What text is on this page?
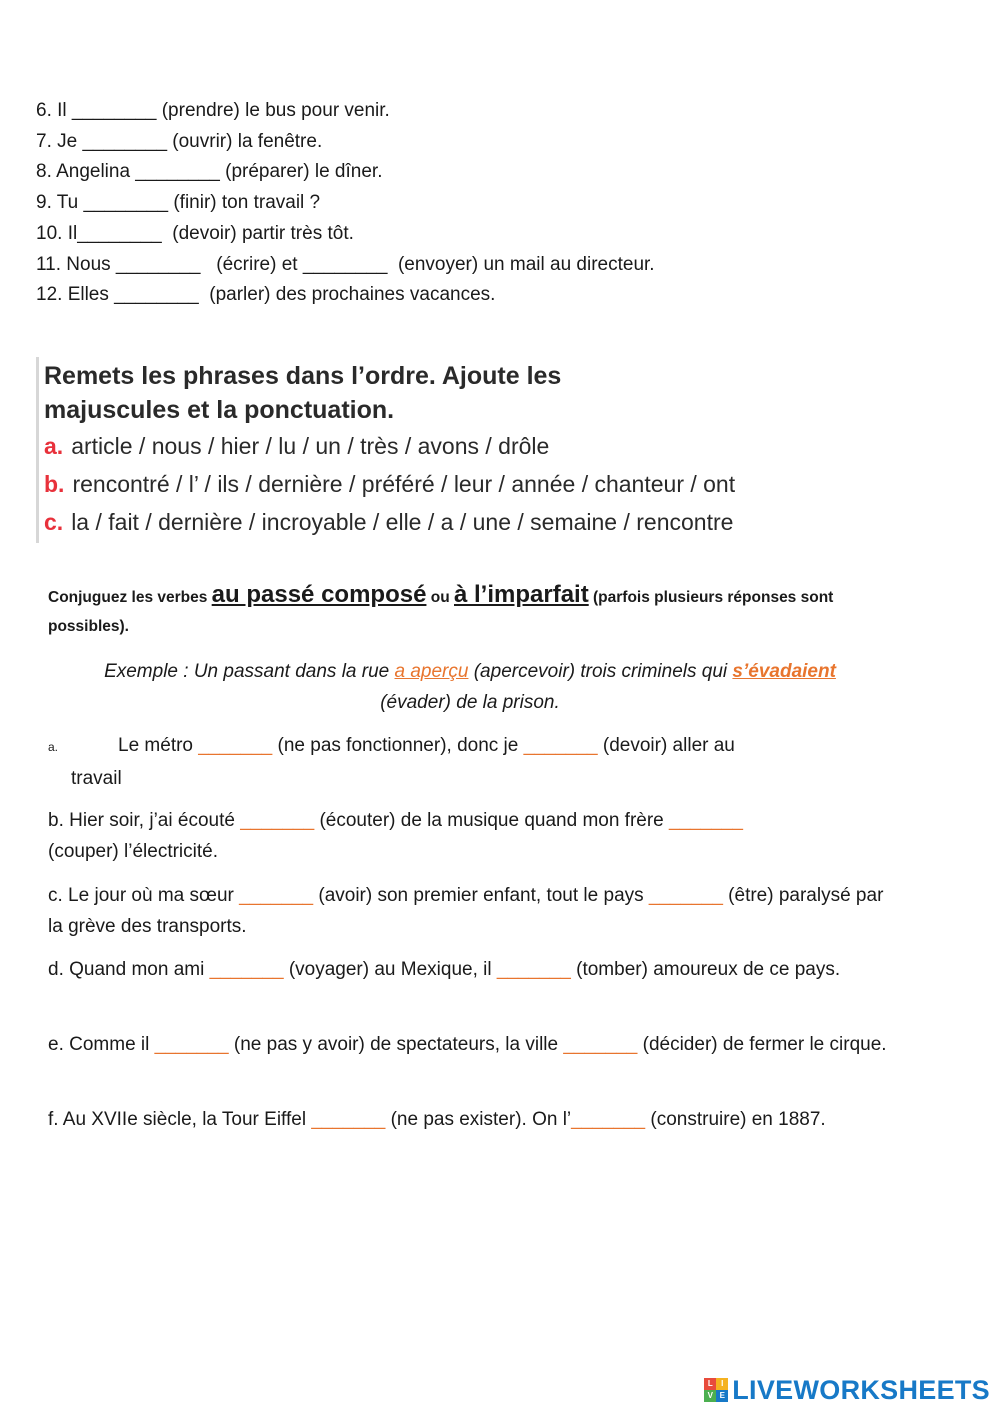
6. Il ________ (prendre) le bus pour venir.
7. Je ________ (ouvrir) la fenêtre.
8. Angelina ________ (préparer) le dîner.
9. Tu ________ (finir) ton travail ?
10. Il________  (devoir) partir très tôt.
11. Nous ________   (écrire) et ________  (envoyer) un mail au directeur.
12. Elles ________  (parler) des prochaines vacances.
Remets les phrases dans l’ordre. Ajoute les
majuscules et la ponctuation.
a. article / nous / hier / lu / un / très / avons / drôle
b. rencontré / l’ / ils / dernière / préféré / leur / année / chanteur / ont
c. la / fait / dernière / incroyable / elle / a / une / semaine / rencontre
Conjuguez les verbes au passé composé ou à l’imparfait (parfois plusieurs réponses sont possibles).
Exemple : Un passant dans la rue a aperçu (apercevoir) trois criminels qui s’évadaient
(évader) de la prison.
a.	Le métro _______ (ne pas fonctionner), donc je _______ (devoir) aller au
travail
b. Hier soir, j’ai écouté _______ (écouter) de la musique quand mon frère _______
(couper) l’électricité.
c. Le jour où ma sœur _______ (avoir) son premier enfant, tout le pays _______ (être) paralysé par la grève des transports.
d. Quand mon ami _______ (voyager) au Mexique, il _______ (tomber) amoureux de ce pays.
e. Comme il _______ (ne pas y avoir) de spectateurs, la ville _______ (décider) de fermer le cirque.
f. Au XVIIe siècle, la Tour Eiffel _______ (ne pas exister). On l’_______ (construire) en 1887.
L	I
V E LIVEWORKSHEETS
